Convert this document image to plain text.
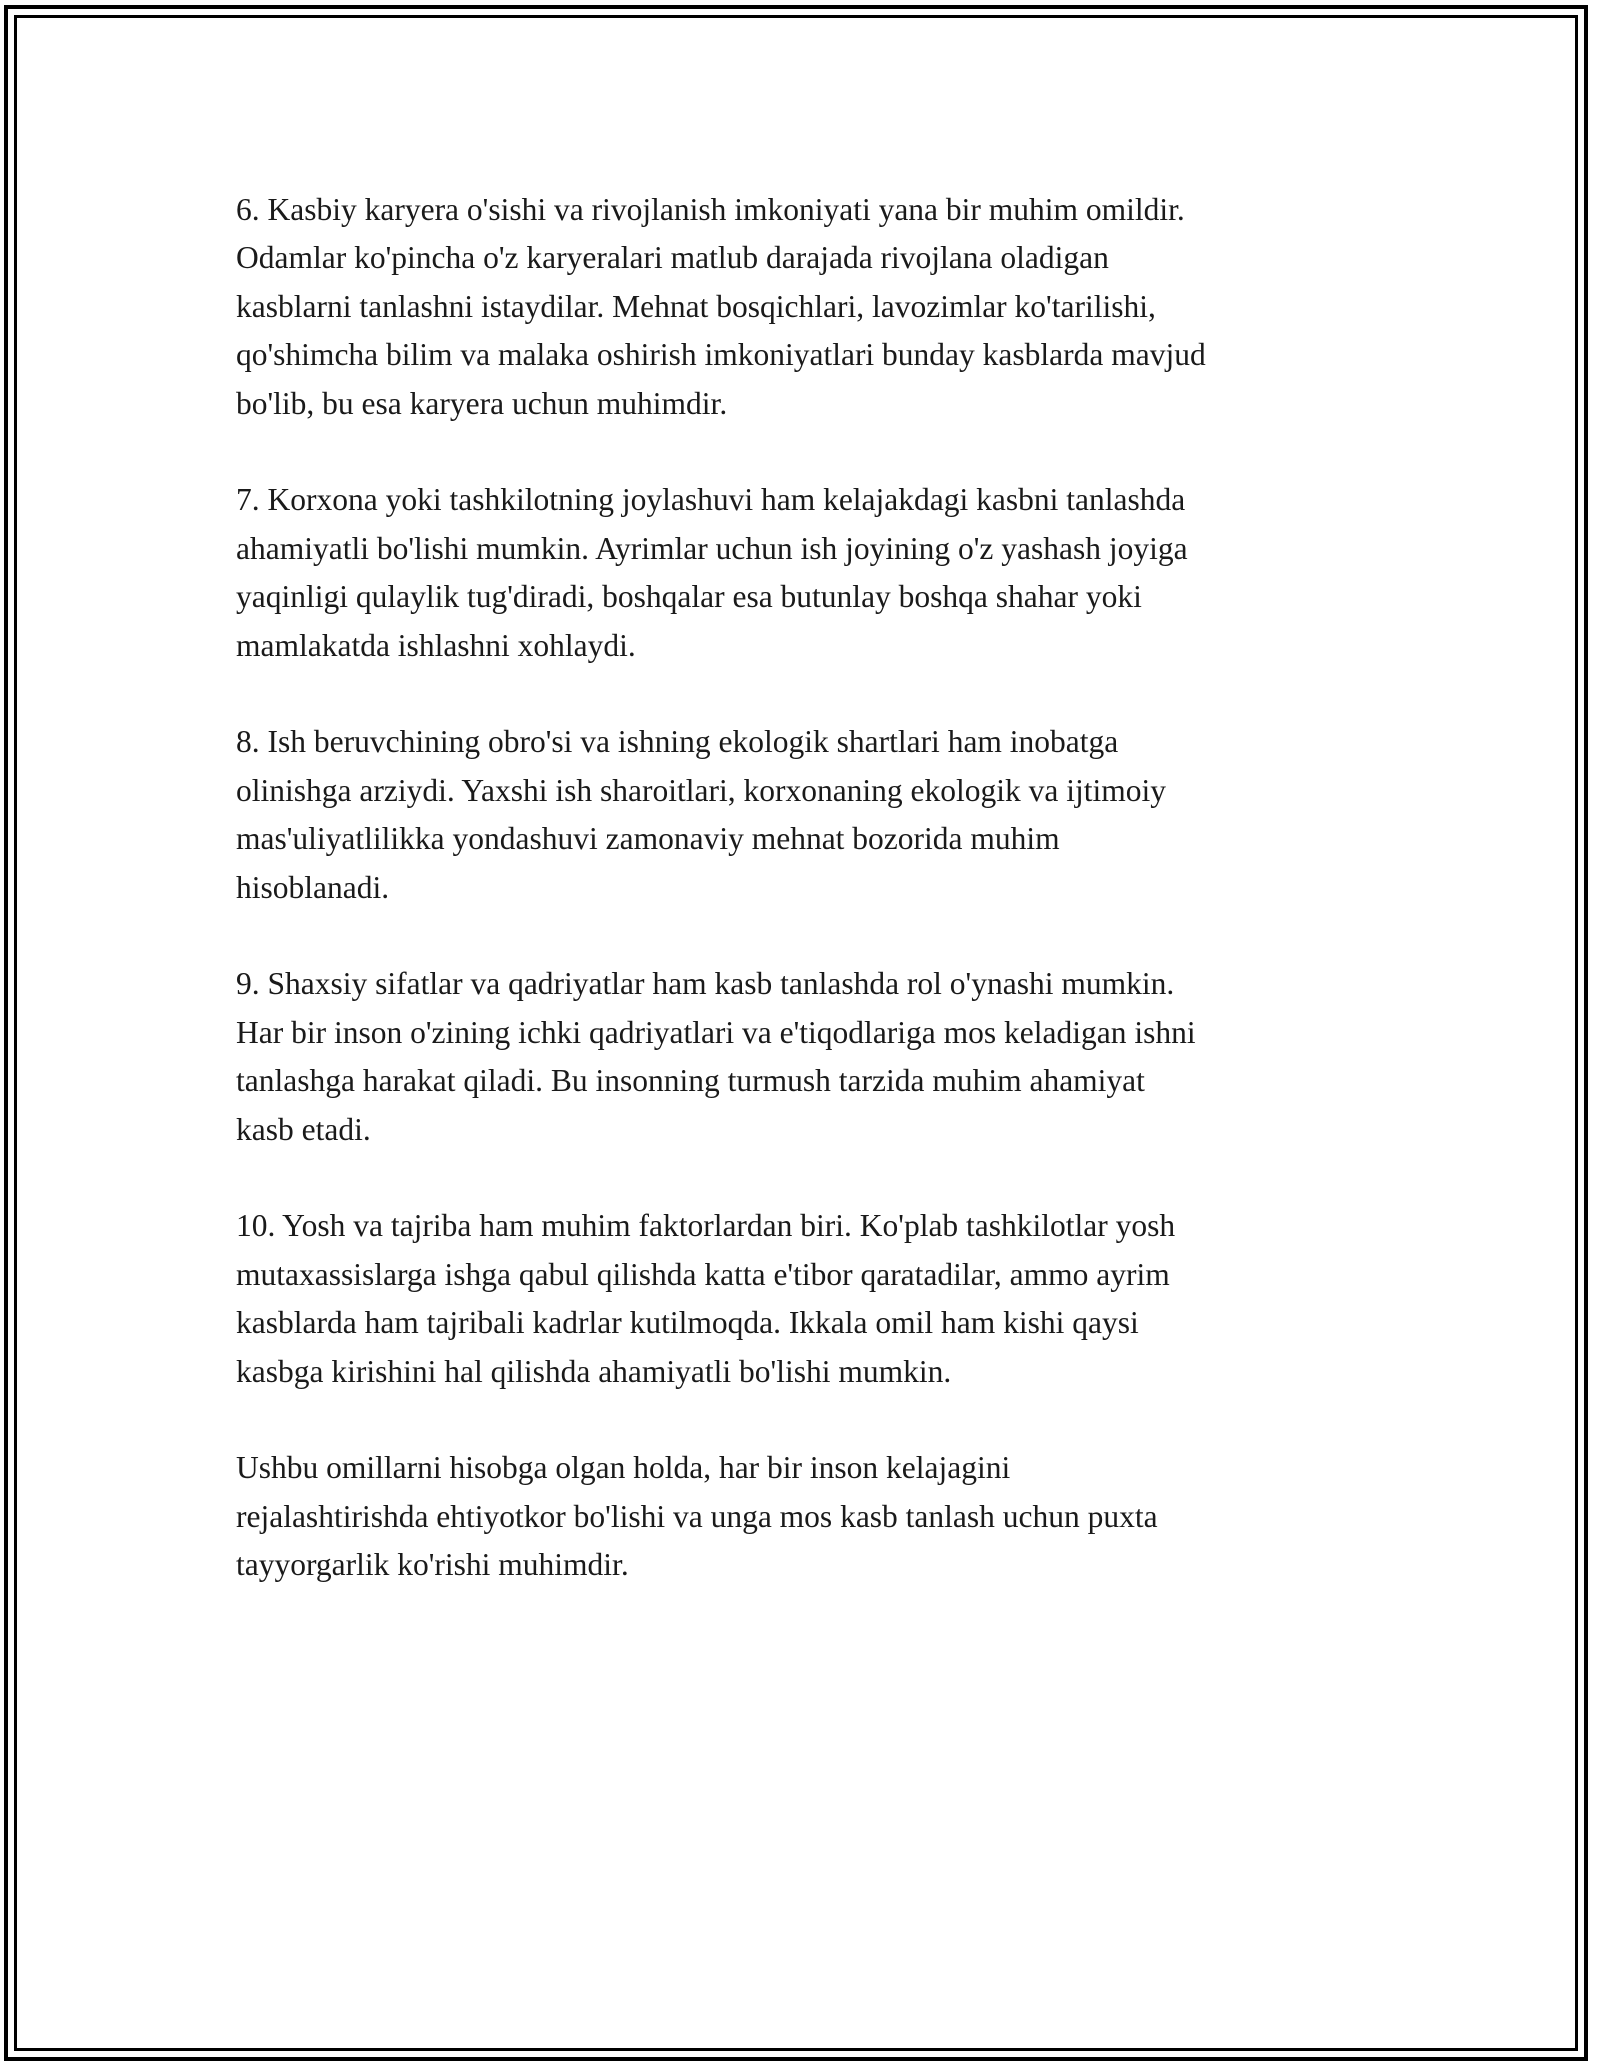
6. Kasbiy karyera o'sishi va rivojlanish imkoniyati yana bir muhim omildir.
Odamlar ko'pincha o'z karyeralari matlub darajada rivojlana oladigan
kasblarni tanlashni istaydilar. Mehnat bosqichlari, lavozimlar ko'tarilishi,
qo'shimcha bilim va malaka oshirish imkoniyatlari bunday kasblarda mavjud
bo'lib, bu esa karyera uchun muhimdir.

7. Korxona yoki tashkilotning joylashuvi ham kelajakdagi kasbni tanlashda
ahamiyatli bo'lishi mumkin. Ayrimlar uchun ish joyining o'z yashash joyiga
yaqinligi qulaylik tug'diradi, boshqalar esa butunlay boshqa shahar yoki
mamlakatda ishlashni xohlaydi.

8. Ish beruvchining obro'si va ishning ekologik shartlari ham inobatga
olinishga arziydi. Yaxshi ish sharoitlari, korxonaning ekologik va ijtimoiy
mas'uliyatlilikka yondashuvi zamonaviy mehnat bozorida muhim
hisoblanadi.

9. Shaxsiy sifatlar va qadriyatlar ham kasb tanlashda rol o'ynashi mumkin.
Har bir inson o'zining ichki qadriyatlari va e'tiqodlariga mos keladigan ishni
tanlashga harakat qiladi. Bu insonning turmush tarzida muhim ahamiyat
kasb etadi.

10. Yosh va tajriba ham muhim faktorlardan biri. Ko'plab tashkilotlar yosh
mutaxassislarga ishga qabul qilishda katta e'tibor qaratadilar, ammo ayrim
kasblarda ham tajribali kadrlar kutilmoqda. Ikkala omil ham kishi qaysi
kasbga kirishini hal qilishda ahamiyatli bo'lishi mumkin.

Ushbu omillarni hisobga olgan holda, har bir inson kelajagini
rejalashtirishda ehtiyotkor bo'lishi va unga mos kasb tanlash uchun puxta
tayyorgarlik ko'rishi muhimdir.
